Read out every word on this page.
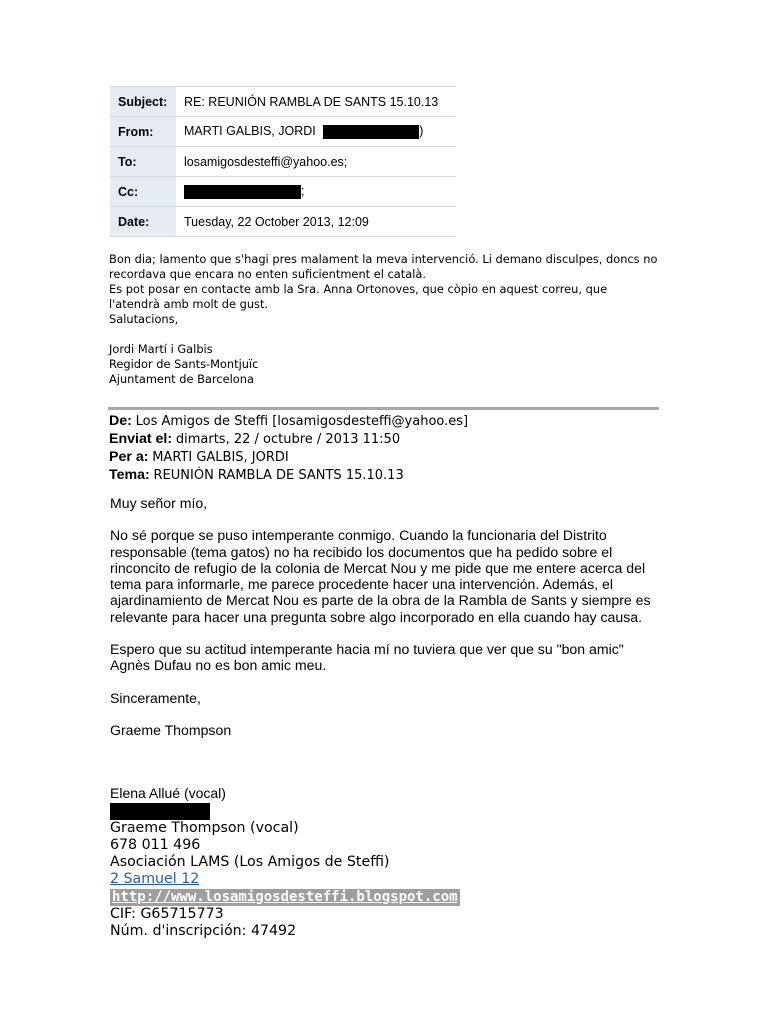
Subject:	RE: REUNIÓN RAMBLA DE SANTS 15.10.13
From:	MARTI GALBIS, JORDI )
To:	losamigosdesteffi@yahoo.es;
Cc:	;
Date:	Tuesday, 22 October 2013, 12:09

Bon dia; lamento que s'hagi pres malament la meva intervenció. Li demano disculpes, doncs no

recordava que encara no enten suficientment el català.

Es pot posar en contacte amb la Sra. Anna Ortonoves, que còpio en aquest correu, que

l'atendrà amb molt de gust.

Salutacions,

Jordi Martí i Galbis

Regidor de Sants-Montjuïc

Ajuntament de Barcelona

De: Los Amigos de Steffi [losamigosdesteffi@yahoo.es]
Enviat el: dimarts, 22 / octubre / 2013 11:50
Per a: MARTI GALBIS, JORDI
Tema: REUNIÓN RAMBLA DE SANTS 15.10.13

Muy señor mío,

No sé porque se puso intemperante conmigo. Cuando la funcionaria del Distrito responsable (tema gatos) no ha recibido los documentos que ha pedido sobre el rinconcito de refugio de la colonia de Mercat Nou y me pide que me entere acerca del tema para informarle, me parece procedente hacer una intervención. Además, el ajardinamiento de Mercat Nou es parte de la obra de la Rambla de Sants y siempre es relevante para hacer una pregunta sobre algo incorporado en ella cuando hay causa.

Espero que su actitud intemperante hacia mí no tuviera que ver que su "bon amic" Agnès Dufau no es bon amic meu.

Sinceramente,

Graeme Thompson

Elena Allué (vocal)
Graeme Thompson (vocal)
678 011 496
Asociación LAMS (Los Amigos de Steffi)
2 Samuel 12
http://www.losamigosdesteffi.blogspot.com
CIF: G65715773
Núm. d'inscripción: 47492
